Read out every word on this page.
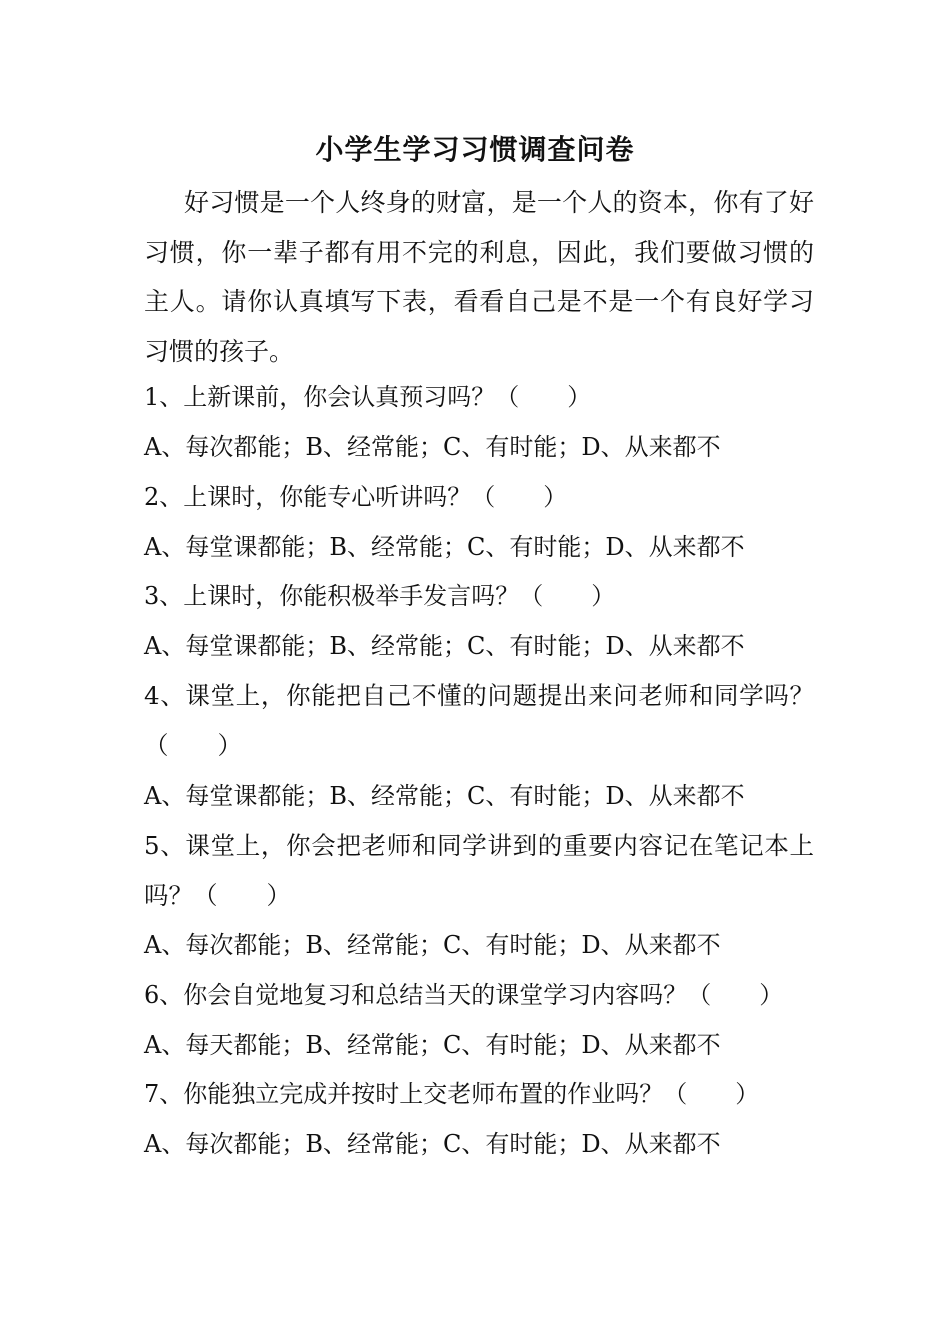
小学生学习习惯调查问卷

好习惯是一个人终身的财富，是一个人的资本，你有了好习惯，你一辈子都有用不完的利息，因此，我们要做习惯的主人。请你认真填写下表，看看自己是不是一个有良好学习习惯的孩子。

1、上新课前，你会认真预习吗？（　　）

A、每次都能；B、经常能；C、有时能；D、从来都不

2、上课时，你能专心听讲吗？（　　）

A、每堂课都能；B、经常能；C、有时能；D、从来都不

3、上课时，你能积极举手发言吗？（　　）

A、每堂课都能；B、经常能；C、有时能；D、从来都不

4、课堂上，你能把自己不懂的问题提出来问老师和同学吗？（　　）

A、每堂课都能；B、经常能；C、有时能；D、从来都不

5、课堂上，你会把老师和同学讲到的重要内容记在笔记本上吗？（　　）

A、每次都能；B、经常能；C、有时能；D、从来都不

6、你会自觉地复习和总结当天的课堂学习内容吗？（　　）

A、每天都能；B、经常能；C、有时能；D、从来都不

7、你能独立完成并按时上交老师布置的作业吗？（　　）

A、每次都能；B、经常能；C、有时能；D、从来都不
